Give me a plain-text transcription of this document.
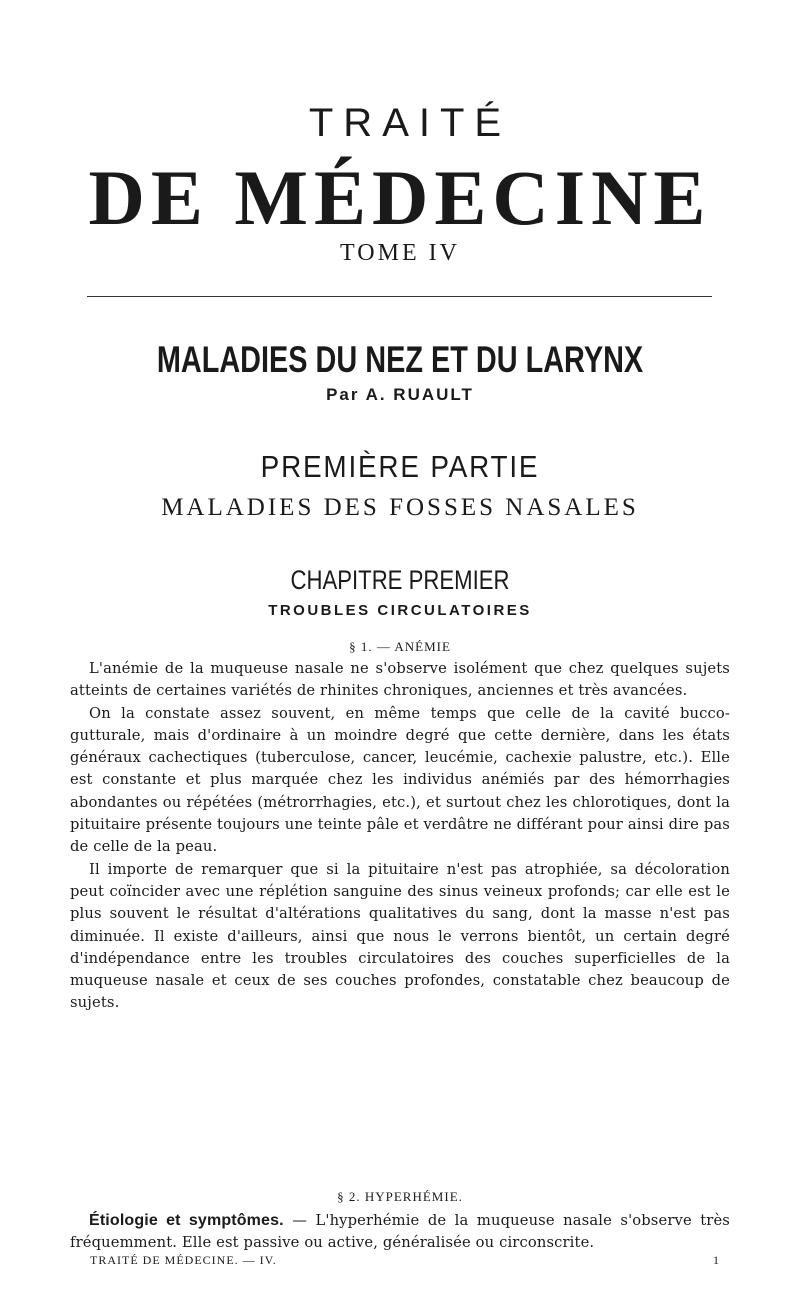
TRAITÉ
DE MÉDECINE
TOME IV
MALADIES DU NEZ ET DU LARYNX
Par A. RUAULT
PREMIÈRE PARTIE
MALADIES DES FOSSES NASALES
CHAPITRE PREMIER
TROUBLES CIRCULATOIRES
§ 1. — ANÉMIE

L'anémie de la muqueuse nasale ne s'observe isolément que chez quelques sujets atteints de certaines variétés de rhinites chroniques, anciennes et très avancées.

On la constate assez souvent, en même temps que celle de la cavité bucco-gutturale, mais d'ordinaire à un moindre degré que cette dernière, dans les états généraux cachectiques (tuberculose, cancer, leucémie, cachexie palustre, etc.). Elle est constante et plus marquée chez les individus anémiés par des hémorrhagies abondantes ou répétées (métrorrhagies, etc.), et surtout chez les chlorotiques, dont la pituitaire présente toujours une teinte pâle et verdâtre ne différant pour ainsi dire pas de celle de la peau.

Il importe de remarquer que si la pituitaire n'est pas atrophiée, sa décoloration peut coïncider avec une réplétion sanguine des sinus veineux profonds; car elle est le plus souvent le résultat d'altérations qualitatives du sang, dont la masse n'est pas diminuée. Il existe d'ailleurs, ainsi que nous le verrons bientôt, un certain degré d'indépendance entre les troubles circulatoires des couches superficielles de la muqueuse nasale et ceux de ses couches profondes, constatable chez beaucoup de sujets.

§ 2. HYPERHÉMIE.

Étiologie et symptômes. — L'hyperhémie de la muqueuse nasale s'observe très fréquemment. Elle est passive ou active, généralisée ou circonscrite.

TRAITÉ DE MÉDECINE. — IV.	1
